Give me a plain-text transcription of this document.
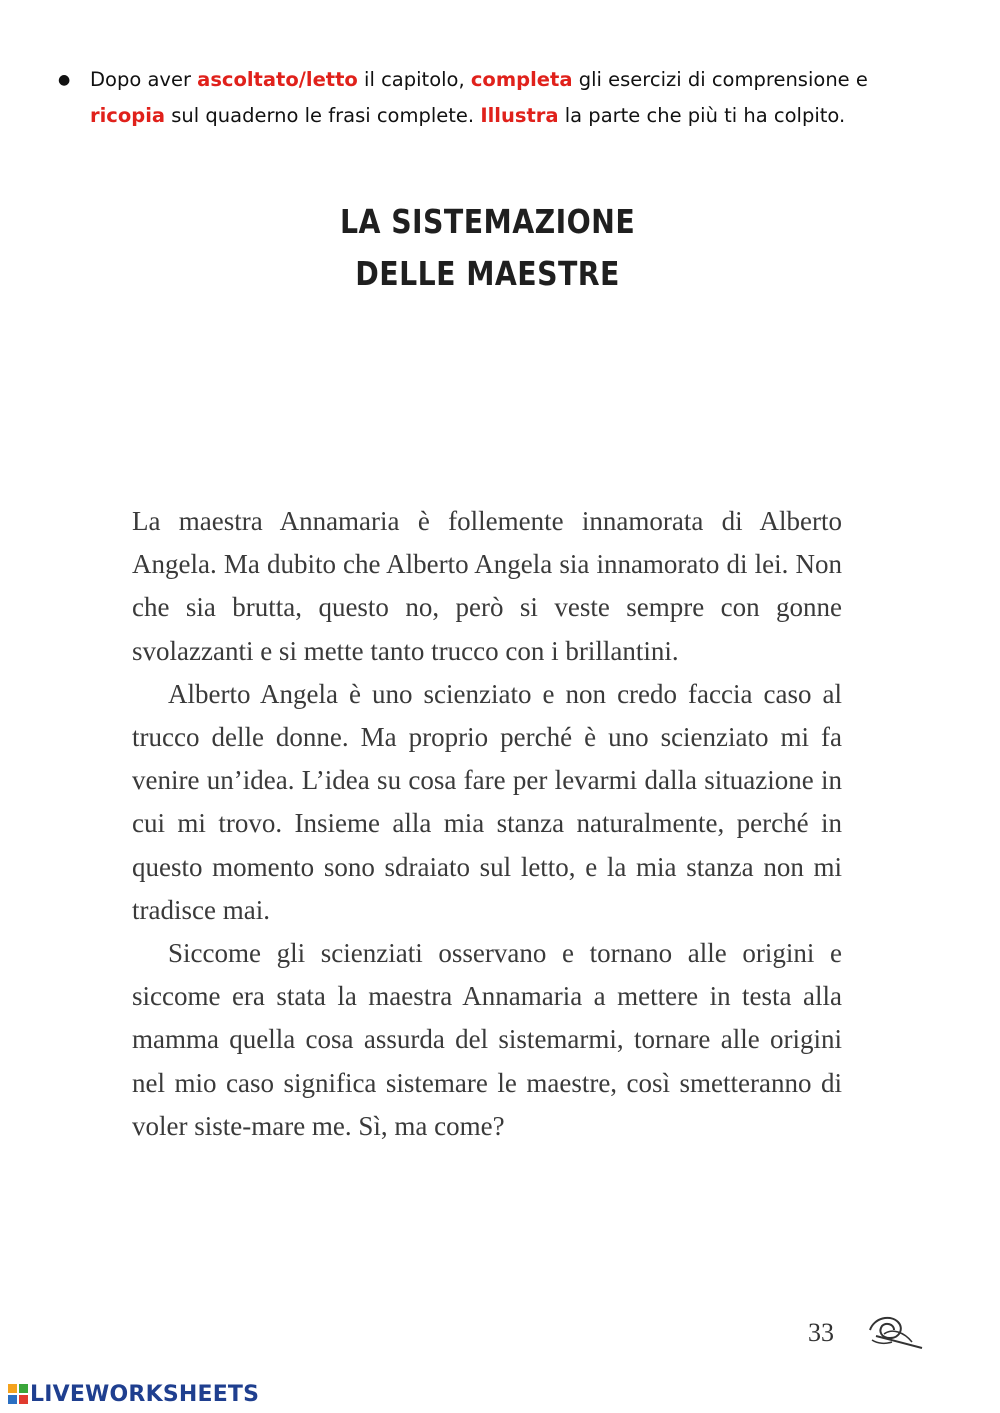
● Dopo aver ascoltato/letto il capitolo, completa gli esercizi di comprensione e
ricopia sul quaderno le frasi complete. Illustra la parte che più ti ha colpito.
LA SISTEMAZIONE
DELLE MAESTRE

La maestra Annamaria è follemente innamorata di Alberto Angela. Ma dubito che Alberto Angela sia innamorato di lei. Non che sia brutta, questo no, però si veste sempre con gonne svolazzanti e si mette tanto trucco con i brillantini.

Alberto Angela è uno scienziato e non credo faccia caso al trucco delle donne. Ma proprio perché è uno scienziato mi fa venire un’idea. L’idea su cosa fare per levarmi dalla situazione in cui mi trovo. Insieme alla mia stanza naturalmente, perché in questo momento sono sdraiato sul letto, e la mia stanza non mi tradisce mai.

Siccome gli scienziati osservano e tornano alle origini e siccome era stata la maestra Annamaria a mettere in testa alla mamma quella cosa assurda del sistemarmi, tornare alle origini nel mio caso significa sistemare le maestre, così smetteranno di voler siste-mare me. Sì, ma come?

33
LIVEWORKSHEETS
